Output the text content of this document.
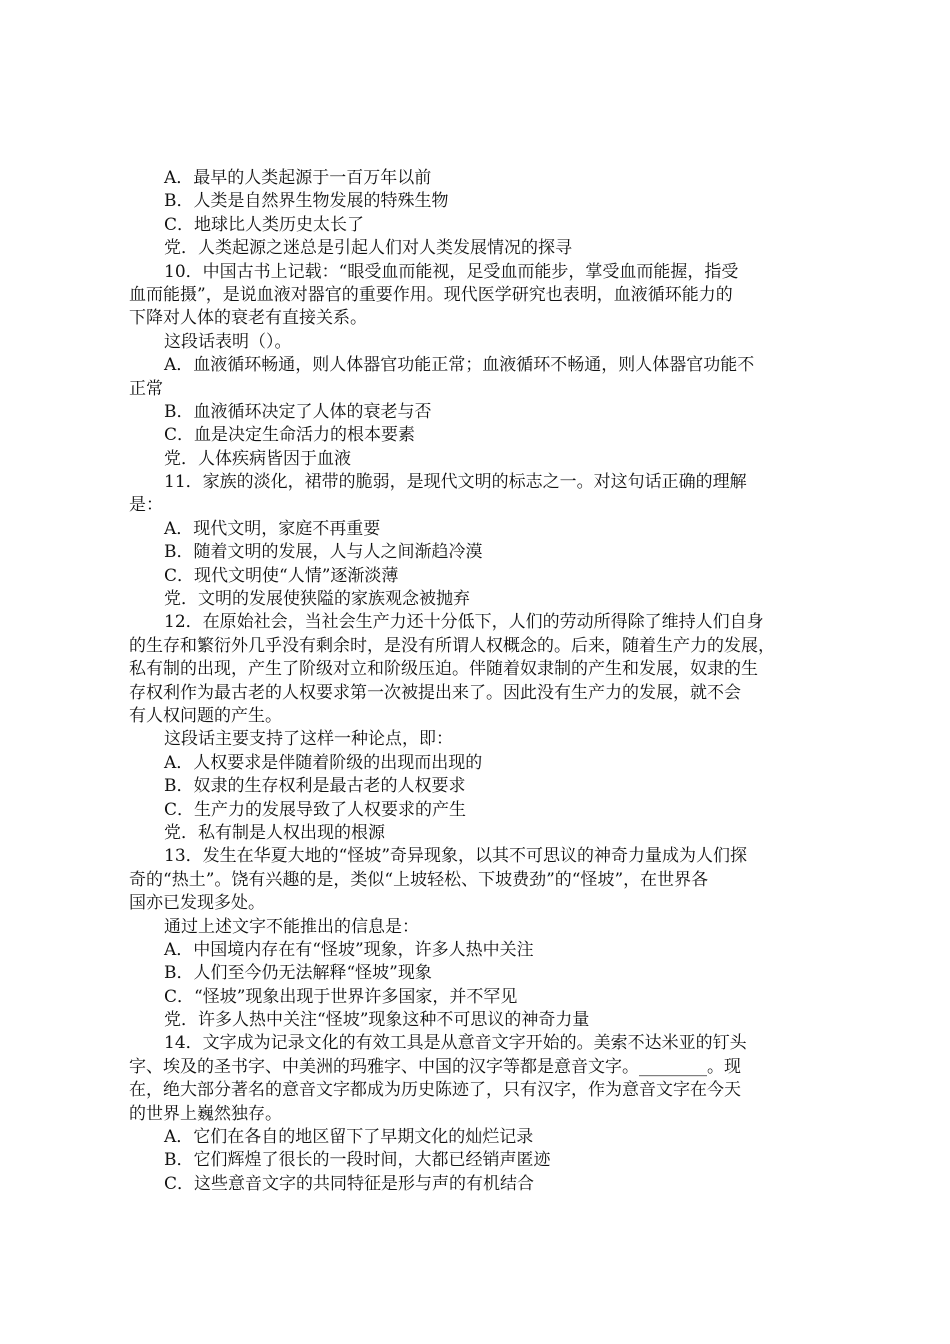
A．最早的人类起源于一百万年以前
B．人类是自然界生物发展的特殊生物
C．地球比人类历史太长了
党．人类起源之迷总是引起人们对人类发展情况的探寻
10．中国古书上记载：“眼受血而能视，足受血而能步，掌受血而能握，指受
血而能摄”，是说血液对器官的重要作用。现代医学研究也表明，血液循环能力的
下降对人体的衰老有直接关系。
这段话表明（）。
A．血液循环畅通，则人体器官功能正常；血液循环不畅通，则人体器官功能不
正常
B．血液循环决定了人体的衰老与否
C．血是决定生命活力的根本要素
党．人体疾病皆因于血液
11．家族的淡化，裙带的脆弱，是现代文明的标志之一。对这句话正确的理解
是：
A．现代文明，家庭不再重要
B．随着文明的发展，人与人之间渐趋冷漠
C．现代文明使“人情”逐渐淡薄
党．文明的发展使狭隘的家族观念被抛弃
12．在原始社会，当社会生产力还十分低下，人们的劳动所得除了维持人们自身
的生存和繁衍外几乎没有剩余时，是没有所谓人权概念的。后来，随着生产力的发展，
私有制的出现，产生了阶级对立和阶级压迫。伴随着奴隶制的产生和发展，奴隶的生
存权利作为最古老的人权要求第一次被提出来了。因此没有生产力的发展，就不会
有人权问题的产生。
这段话主要支持了这样一种论点，即：
A．人权要求是伴随着阶级的出现而出现的
B．奴隶的生存权利是最古老的人权要求
C．生产力的发展导致了人权要求的产生
党．私有制是人权出现的根源
13．发生在华夏大地的“怪坡”奇异现象，以其不可思议的神奇力量成为人们探
奇的“热土”。饶有兴趣的是，类似“上坡轻松、下坡费劲”的“怪坡”，在世界各
国亦已发现多处。
通过上述文字不能推出的信息是：
A．中国境内存在有“怪坡”现象，许多人热中关注
B．人们至今仍无法解释“怪坡”现象
C．“怪坡”现象出现于世界许多国家，并不罕见
党．许多人热中关注“怪坡”现象这种不可思议的神奇力量
14．文字成为记录文化的有效工具是从意音文字开始的。美索不达米亚的钉头
字、埃及的圣书字、中美洲的玛雅字、中国的汉字等都是意音文字。________。现
在，绝大部分著名的意音文字都成为历史陈迹了，只有汉字，作为意音文字在今天
的世界上巍然独存。
A．它们在各自的地区留下了早期文化的灿烂记录
B．它们辉煌了很长的一段时间，大都已经销声匿迹
C．这些意音文字的共同特征是形与声的有机结合
